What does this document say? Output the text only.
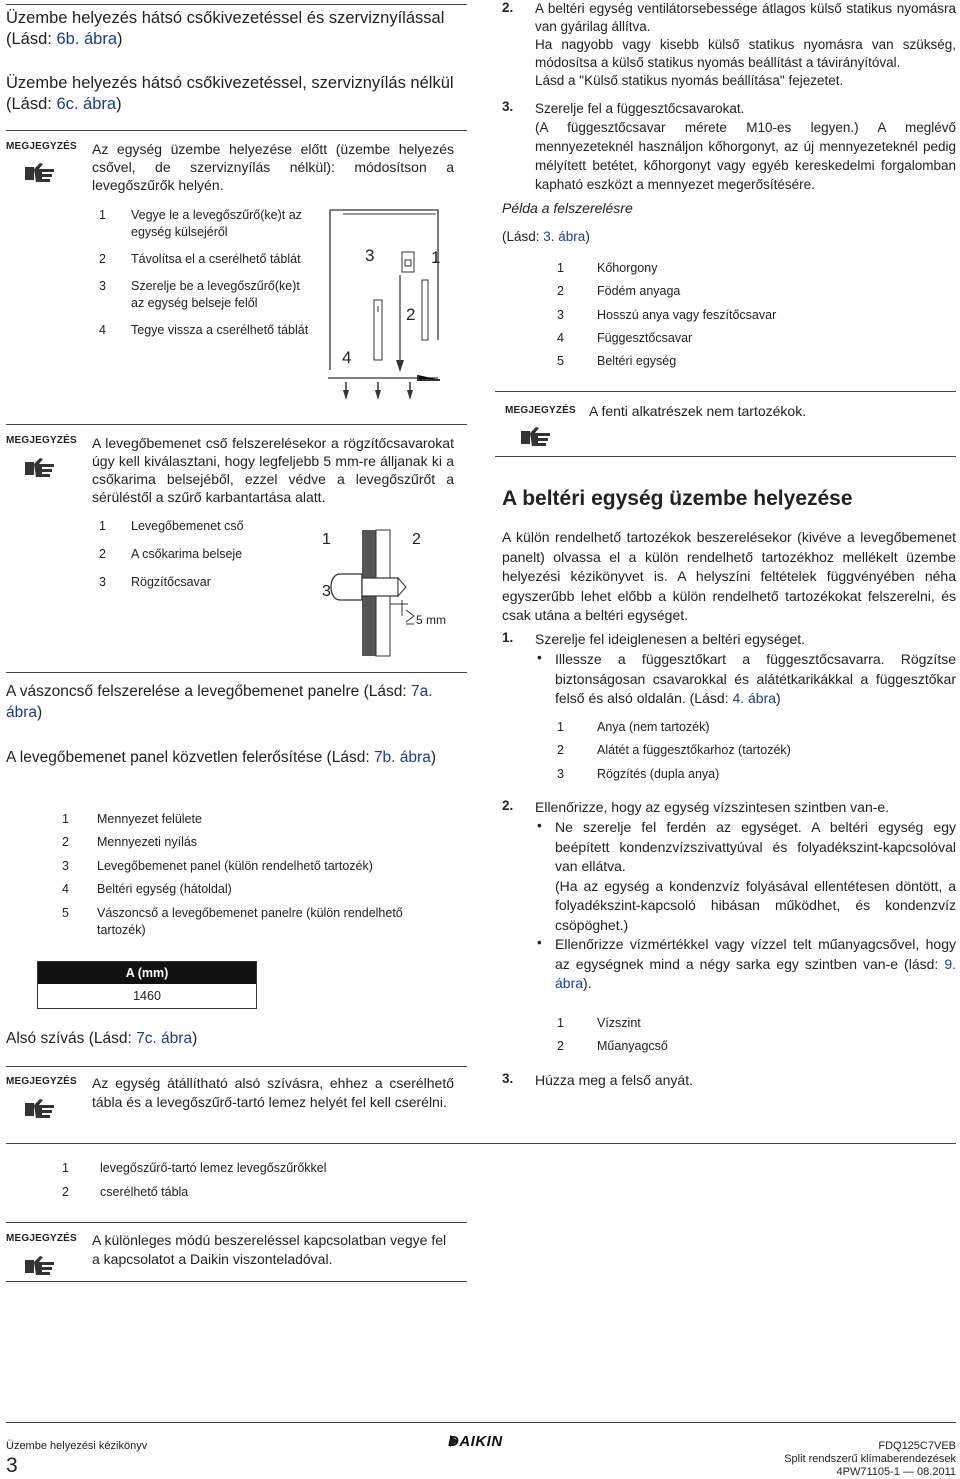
Üzembe helyezés hátsó csőkivezetéssel és szerviznyílással (Lásd: 6b. ábra)
Üzembe helyezés hátsó csőkivezetéssel, szerviznyílás nélkül (Lásd: 6c. ábra)
MEGJEGYZÉS Az egység üzembe helyezése előtt (üzembe helyezés csővel, de szerviznyílás nélkül): módosítson a levegőszűrők helyén.
1 Vegye le a levegőszűrő(ke)t az egység külsejéről
2 Távolítsa el a cserélhető táblát
3 Szerelje be a levegőszűrő(ke)t az egység belseje felől
4 Tegye vissza a cserélhető táblát
3	1
2
4
MEGJEGYZÉS A levegőbemenet cső felszerelésekor a rögzítőcsavarokat úgy kell kiválasztani, hogy legfeljebb 5 mm-re álljanak ki a csőkarima belsejéből, ezzel védve a levegőszűrőt a sérüléstől a szűrő karbantartása alatt.
1 Levegőbemenet cső
2 A csőkarima belseje
3 Rögzítőcsavar
1	2
3
5 mm
A vászoncső felszerelése a levegőbemenet panelre (Lásd: 7a. ábra)
A levegőbemenet panel közvetlen felerősítése (Lásd: 7b. ábra)
1 Mennyezet felülete
2 Mennyezeti nyílás
3 Levegőbemenet panel (külön rendelhető tartozék)
4 Beltéri egység (hátoldal)
5 Vászoncső a levegőbemenet panelre (külön rendelhető tartozék)
A (mm)
1460
Alsó szívás (Lásd: 7c. ábra)
MEGJEGYZÉS Az egység átállítható alsó szívásra, ehhez a cserélhető tábla és a levegőszűrő-tartó lemez helyét fel kell cserélni.
1 levegőszűrő-tartó lemez levegőszűrőkkel
2 cserélhető tábla
MEGJEGYZÉS A különleges módú beszereléssel kapcsolatban vegye fel a kapcsolatot a Daikin viszonteladóval.
2. A beltéri egység ventilátorsebessége átlagos külső statikus nyomásra van gyárilag állítva.
Ha nagyobb vagy kisebb külső statikus nyomásra van szükség, módosítsa a külső statikus nyomás beállítást a távirányítóval.
Lásd a "Külső statikus nyomás beállítása" fejezetet.
3. Szerelje fel a függesztőcsavarokat.
(A függesztőcsavar mérete M10-es legyen.) A meglévő mennyezeteknél használjon kőhorgonyt, az új mennyezeteknél pedig mélyített betétet, kőhorgonyt vagy egyéb kereskedelmi forgalomban kapható eszközt a mennyezet megerősítésére.
Példa a felszerelésre
(Lásd: 3. ábra)
1	Kőhorgony
2	Födém anyaga
3	Hosszú anya vagy feszítőcsavar
4	Függesztőcsavar
5	Beltéri egység
MEGJEGYZÉS A fenti alkatrészek nem tartozékok.
A beltéri egység üzembe helyezése
A külön rendelhető tartozékok beszerelésekor (kivéve a levegőbemenet panelt) olvassa el a külön rendelhető tartozékhoz mellékelt üzembe helyezési kézikönyvet is. A helyszíni feltételek függvényében néha egyszerűbb lehet előbb a külön rendelhető tartozékokat felszerelni, és csak utána a beltéri egységet.
1. Szerelje fel ideiglenesen a beltéri egységet.
• Illessze a függesztőkart a függesztőcsavarra. Rögzítse biztonságosan csavarokkal és alátétkarikákkal a függesztőkar felső és alsó oldalán. (Lásd: 4. ábra)
1	Anya (nem tartozék)
2	Alátét a függesztőkarhoz (tartozék)
3	Rögzítés (dupla anya)
2. Ellenőrizze, hogy az egység vízszintesen szintben van-e.
• Ne szerelje fel ferdén az egységet. A beltéri egység egy beépített kondenzvízszivattyúval és folyadékszint-kapcsolóval van ellátva.
(Ha az egység a kondenzvíz folyásával ellentétesen döntött, a folyadékszint-kapcsoló hibásan működhet, és kondenzvíz csöpöghet.)
• Ellenőrizze vízmértékkel vagy vízzel telt műanyagcsővel, hogy az egységnek mind a négy sarka egy szintben van-e (lásd: 9. ábra).
1	Vízszint
2	Műanyagcső
3. Húzza meg a felső anyát.
Üzembe helyezési kézikönyv
3
DAIKIN	FDQ125C7VEB
Split rendszerű klímaberendezések
4PW71105-1 — 08.2011
